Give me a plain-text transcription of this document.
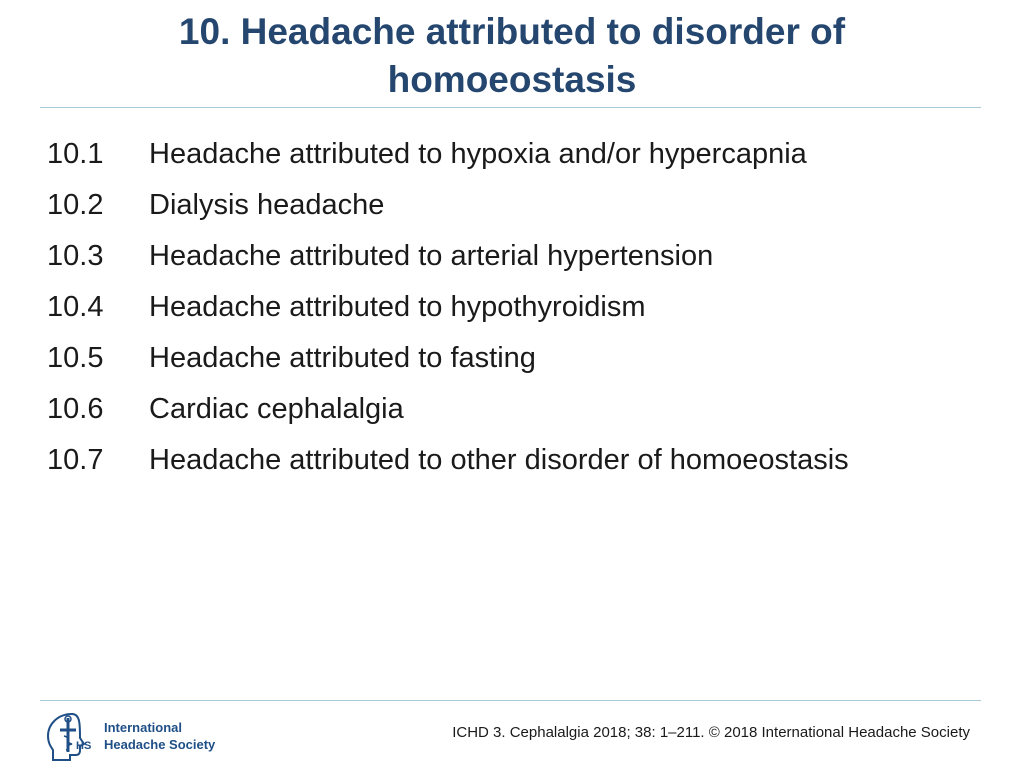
10. Headache attributed to disorder of
homoeostasis
10.1	Headache attributed to hypoxia and/or hypercapnia
10.2	Dialysis headache
10.3	Headache attributed to arterial hypertension
10.4	Headache attributed to hypothyroidism
10.5	Headache attributed to fasting
10.6	Cardiac cephalalgia
10.7	Headache attributed to other disorder of homoeostasis
HS
International
Headache Society
ICHD 3. Cephalalgia 2018; 38: 1–211. © 2018 International Headache Society
